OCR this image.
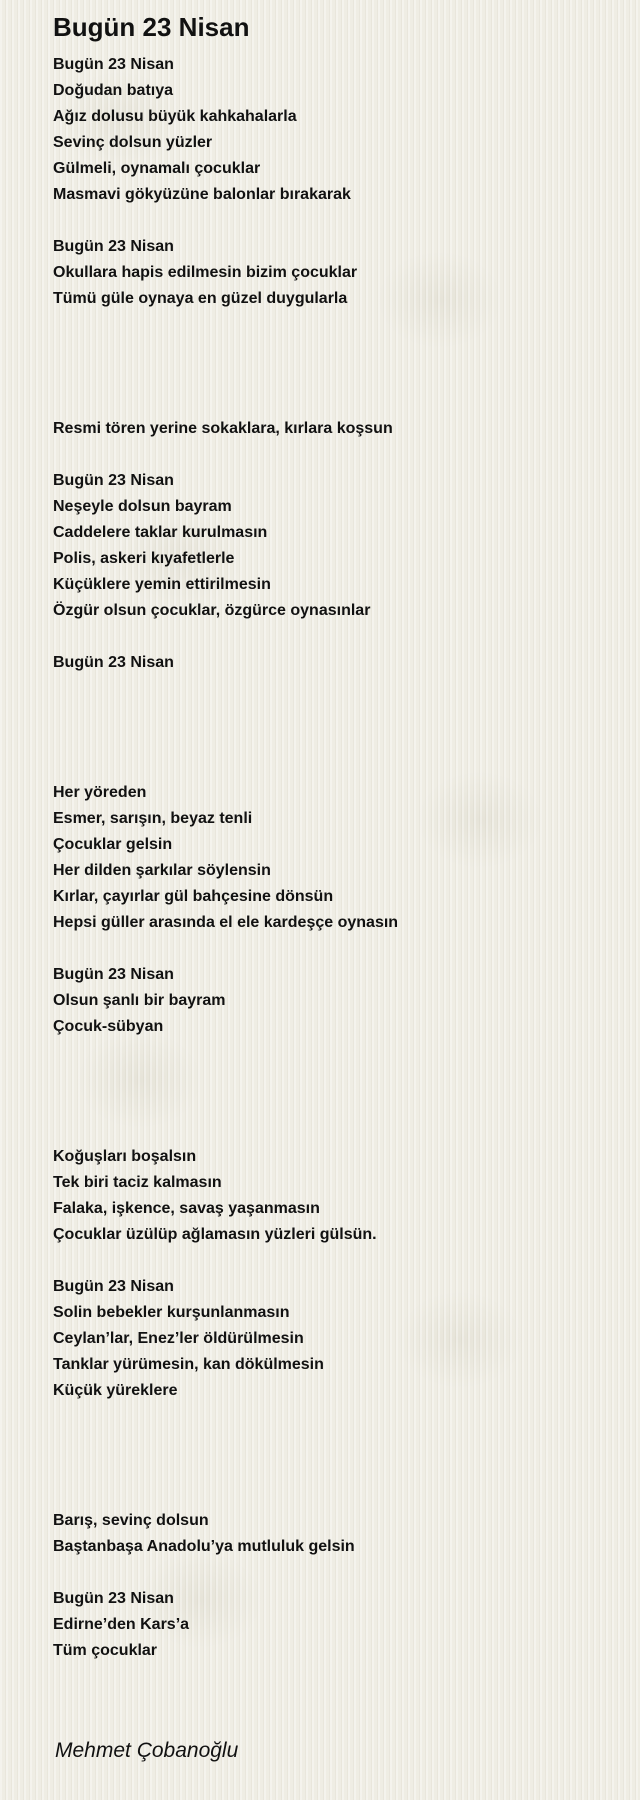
Bugün 23 Nisan
Bugün 23 Nisan
Doğudan batıya
Ağız dolusu büyük kahkahalarla
Sevinç dolsun yüzler
Gülmeli, oynamalı çocuklar
Masmavi gökyüzüne balonlar bırakarak
Bugün 23 Nisan
Okullara hapis edilmesin bizim çocuklar
Tümü güle oynaya en güzel duygularla
Resmi tören yerine sokaklara, kırlara koşsun
Bugün 23 Nisan
Neşeyle dolsun bayram
Caddelere taklar kurulmasın
Polis, askeri kıyafetlerle
Küçüklere yemin ettirilmesin
Özgür olsun çocuklar, özgürce oynasınlar
Bugün 23 Nisan
Her yöreden
Esmer, sarışın, beyaz tenli
Çocuklar gelsin
Her dilden şarkılar söylensin
Kırlar, çayırlar gül bahçesine dönsün
Hepsi güller arasında el ele kardeşçe oynasın
Bugün 23 Nisan
Olsun şanlı bir bayram
Çocuk-sübyan
Koğuşları boşalsın
Tek biri taciz kalmasın
Falaka, işkence, savaş yaşanmasın
Çocuklar üzülüp ağlamasın yüzleri gülsün.
Bugün 23 Nisan
Solin bebekler kurşunlanmasın
Ceylan’lar, Enez’ler öldürülmesin
Tanklar yürümesin, kan dökülmesin
Küçük yüreklere
Barış, sevinç dolsun
Baştanbaşa Anadolu’ya mutluluk gelsin
Bugün 23 Nisan
Edirne’den Kars’a
Tüm çocuklar
Mehmet Çobanoğlu
